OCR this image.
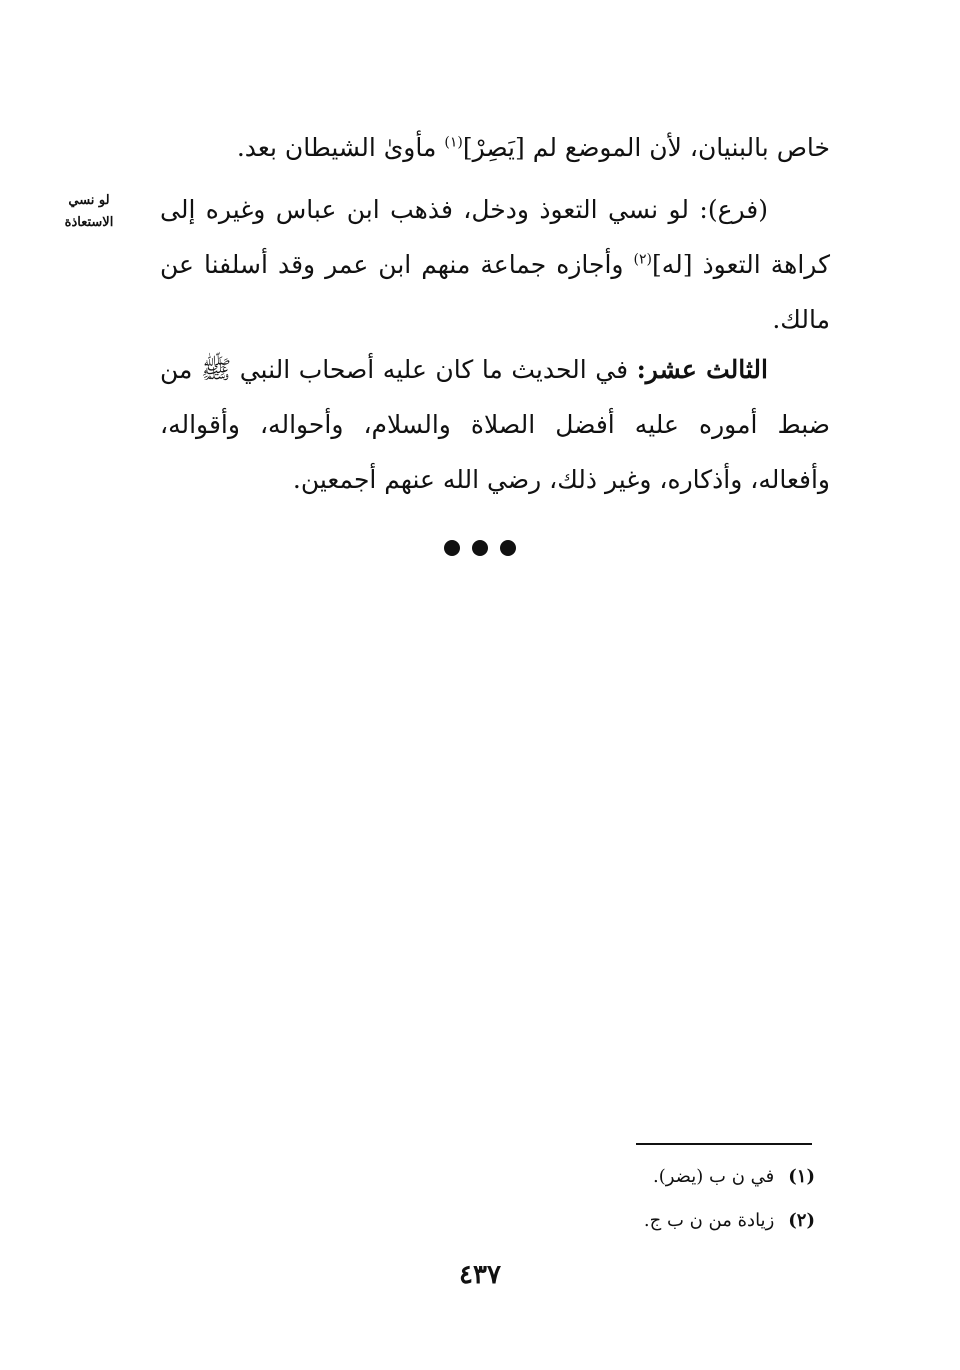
خاص بالبنيان، لأن الموضع لم [يَصِرْ]$^{(١)}$ مأوىٰ الشيطان بعد.
لو نسي
الاستعاذة	(فرع): لو نسي التعوذ ودخل، فذهب ابن عباس وغيره إلى كراهة التعوذ [له]$^{(٢)}$ وأجازه جماعة منهم ابن عمر وقد أسلفنا عن مالك.
الثالث عشر: في الحديث ما كان عليه أصحاب النبي ﷺ من ضبط أموره عليه أفضل الصلاة والسلام، وأحواله، وأقواله، وأفعاله، وأذكاره، وغير ذلك، رضي الله عنهم أجمعين.
(١)في ن ب (يضر).
(٢)زيادة من ن ب ج.
٤٣٧
